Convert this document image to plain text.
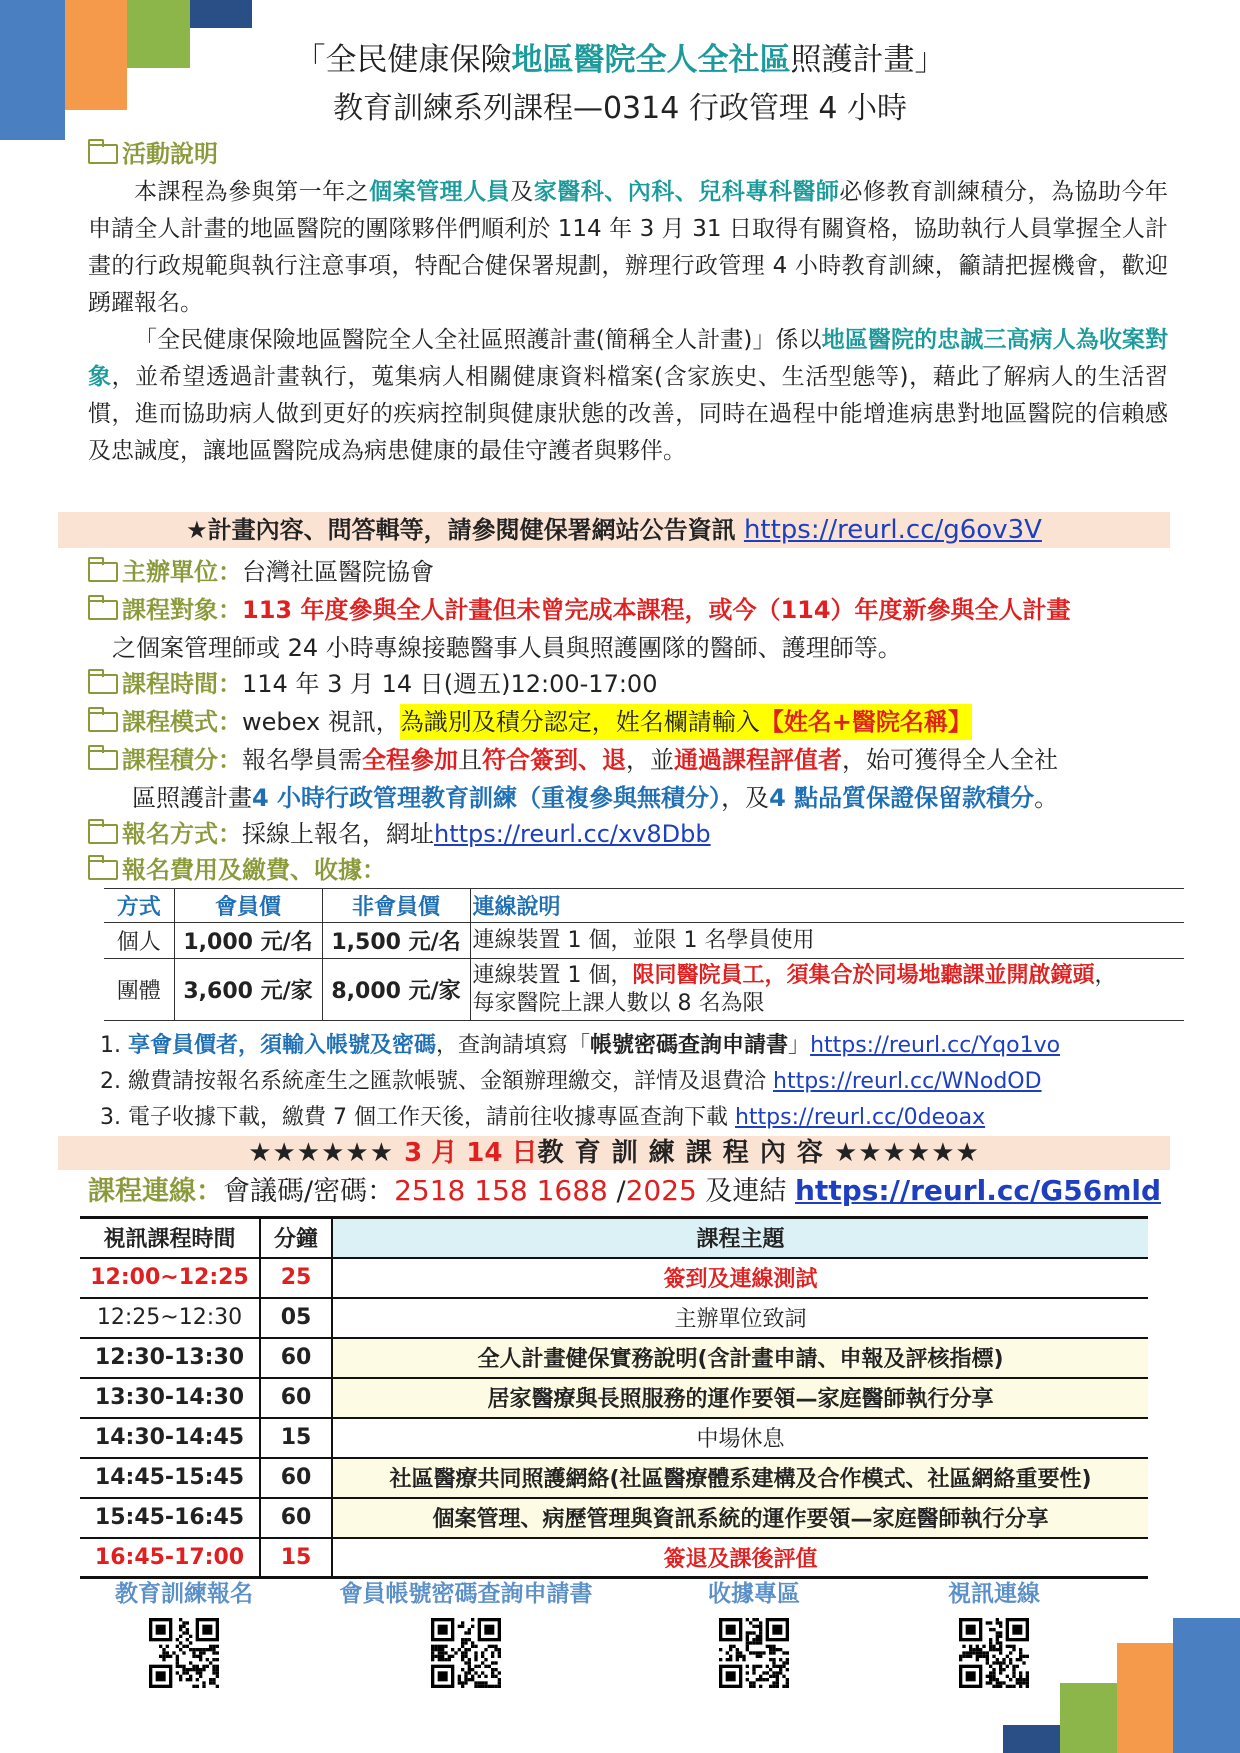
「全民健康保險地區醫院全人全社區照護計畫」
教育訓練系列課程—0314 行政管理 4 小時
活動說明

本課程為參與第一年之個案管理人員及家醫科、內科、兒科專科醫師必修教育訓練積分，為協助今年申請全人計畫的地區醫院的團隊夥伴們順利於 114 年 3 月 31 日取得有關資格，協助執行人員掌握全人計畫的行政規範與執行注意事項，特配合健保署規劃，辦理行政管理 4 小時教育訓練，籲請把握機會，歡迎踴躍報名。

「全民健康保險地區醫院全人全社區照護計畫(簡稱全人計畫)」係以地區醫院的忠誠三高病人為收案對象，並希望透過計畫執行，蒐集病人相關健康資料檔案(含家族史、生活型態等)，藉此了解病人的生活習慣，進而協助病人做到更好的疾病控制與健康狀態的改善，同時在過程中能增進病患對地區醫院的信賴感及忠誠度，讓地區醫院成為病患健康的最佳守護者與夥伴。

★計畫內容、問答輯等，請參閱健保署網站公告資訊 https://reurl.cc/g6ov3V
主辦單位： 台灣社區醫院協會
課程對象： 113 年度參與全人計畫但未曾完成本課程，或今（114）年度新參與全人計畫
之個案管理師或 24 小時專線接聽醫事人員與照護團隊的醫師、護理師等。
課程時間： 114 年 3 月 14 日(週五)12:00-17:00
課程模式： webex 視訊， 為識別及積分認定，姓名欄請輸入【姓名+醫院名稱】
課程積分： 報名學員需 全程參加 且 符合簽到、退 ，並 通過課程評值者 ，始可獲得全人全社
區照護計畫4 小時行政管理教育訓練（重複參與無積分），及4 點品質保證保留款積分。
報名方式： 採線上報名，網址 https://reurl.cc/xv8Dbb
報名費用及繳費、收據：
方式	會員價	非會員價	連線說明
個人	1,000 元/名	1,500 元/名	連線裝置 1 個，並限 1 名學員使用
團體	3,600 元/家	8,000 元/家	連線裝置 1 個，限同醫院員工，須集合於同場地聽課並開啟鏡頭，
每家醫院上課人數以 8 名為限
1. 享會員價者，須輸入帳號及密碼，查詢請填寫「帳號密碼查詢申請書」https://reurl.cc/Yqo1vo
2. 繳費請按報名系統產生之匯款帳號、金額辦理繳交，詳情及退費洽 https://reurl.cc/WNodOD
3. 電子收據下載，繳費 7 個工作天後，請前往收據專區查詢下載 https://reurl.cc/0deoax
★★★★★★ 3 月 14 日教 育 訓 練 課 程 內 容 ★★★★★★
課程連線：會議碼/密碼：2518 158 1688 /2025 及連結 https://reurl.cc/G56mld
視訊課程時間	分鐘	課程主題
12:00~12:25	25	簽到及連線測試
12:25~12:30	05	主辦單位致詞
12:30-13:30	60	全人計畫健保實務說明(含計畫申請、申報及評核指標)
13:30-14:30	60	居家醫療與長照服務的運作要領—家庭醫師執行分享
14:30-14:45	15	中場休息
14:45-15:45	60	社區醫療共同照護網絡(社區醫療體系建構及合作模式、社區網絡重要性)
15:45-16:45	60	個案管理、病歷管理與資訊系統的運作要領—家庭醫師執行分享
16:45-17:00	15	簽退及課後評值
教育訓練報名	會員帳號密碼查詢申請書	收據專區	視訊連線
